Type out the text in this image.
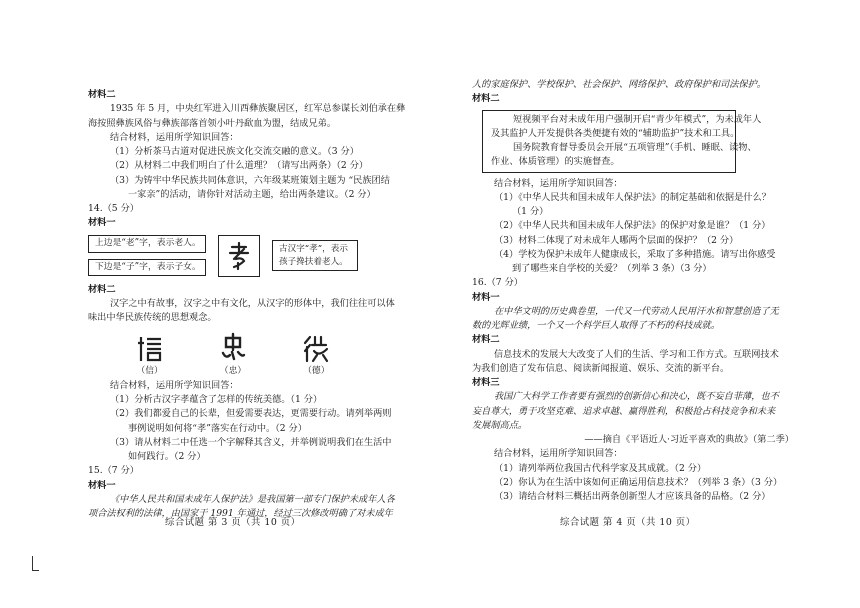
材料二
1935 年 5 月，中央红军进入川西彝族聚居区，红军总参谋长刘伯承在彝
海按照彝族风俗与彝族部落首领小叶丹歃血为盟，结成兄弟。
结合材料，运用所学知识回答：
（1）分析茶马古道对促进民族文化交流交融的意义。（3 分）
（2）从材料二中我们明白了什么道理？（请写出两条）（2 分）
（3）为铸牢中华民族共同体意识，六年级某班策划主题为 “民族团结
一家亲”的活动，请你针对活动主题，给出两条建议。（2 分）
14.（5 分）
材料一
上边是“老”字，表示老人。
下边是“子”字，表示子女。
古汉字“孝”，表示孩子搀扶着老人。
材料二
汉字之中有故事，汉字之中有文化，从汉字的形体中，我们往往可以体
味出中华民族传统的思想观念。
（信）	（忠）	（德）
结合材料，运用所学知识回答：
（1）分析古汉字孝蕴含了怎样的传统美德。（1 分）
（2）我们都爱自己的长辈，但爱需要表达，更需要行动。请列举两则
事例说明如何将“孝”落实在行动中。（2 分）
（3）请从材料二中任选一个字解释其含义，并举例说明我们在生活中
如何践行。（2 分）
15.（7 分）
材料一
《中华人民共和国未成年人保护法》是我国第一部专门保护未成年人各
项合法权利的法律，由国家于 1991 年通过，经过三次修改明确了对未成年
综合试题 第 3 页（共 10 页）
人的家庭保护、学校保护、社会保护、网络保护、政府保护和司法保护。
材料二
短视频平台对未成年用户强制开启“青少年模式”，为未成年人
及其监护人开发提供各类便捷有效的“辅助监护”技术和工具。
国务院教育督导委员会开展“五项管理”（手机、睡眠、读物、
作业、体质管理）的实施督查。
结合材料，运用所学知识回答：
（1）《中华人民共和国未成年人保护法》的制定基础和依据是什么？
（1 分）
（2）《中华人民共和国未成年人保护法》的保护对象是谁？（1 分）
（3）材料二体现了对未成年人哪两个层面的保护？（2 分）
（4）学校为保护未成年人健康成长，采取了多种措施。请写出你感受
到了哪些来自学校的关爱？（列举 3 条）（3 分）
16.（7 分）
材料一
在中华文明的历史典卷里，一代又一代劳动人民用汗水和智慧创造了无
数的光辉业绩，一个又一个科学巨人取得了不朽的科技成就。
材料二
信息技术的发展大大改变了人们的生活、学习和工作方式。互联网技术
为我们创造了发布信息、阅读新闻报道、娱乐、交流的新平台。
材料三
我国广大科学工作者要有强烈的创新信心和决心，既不妄自菲薄，也不
妄自尊大，勇于攻坚克难、追求卓越、赢得胜利，积极抢占科技竞争和未来
发展制高点。
——摘自《平语近人·习近平喜欢的典故》（第二季）
结合材料，运用所学知识回答：
（1）请列举两位我国古代科学家及其成就。（2 分）
（2）你认为在生活中该如何正确运用信息技术？（列举 3 条）（3 分）
（3）请结合材料三概括出两条创新型人才应该具备的品格。（2 分）
综合试题 第 4 页（共 10 页）
